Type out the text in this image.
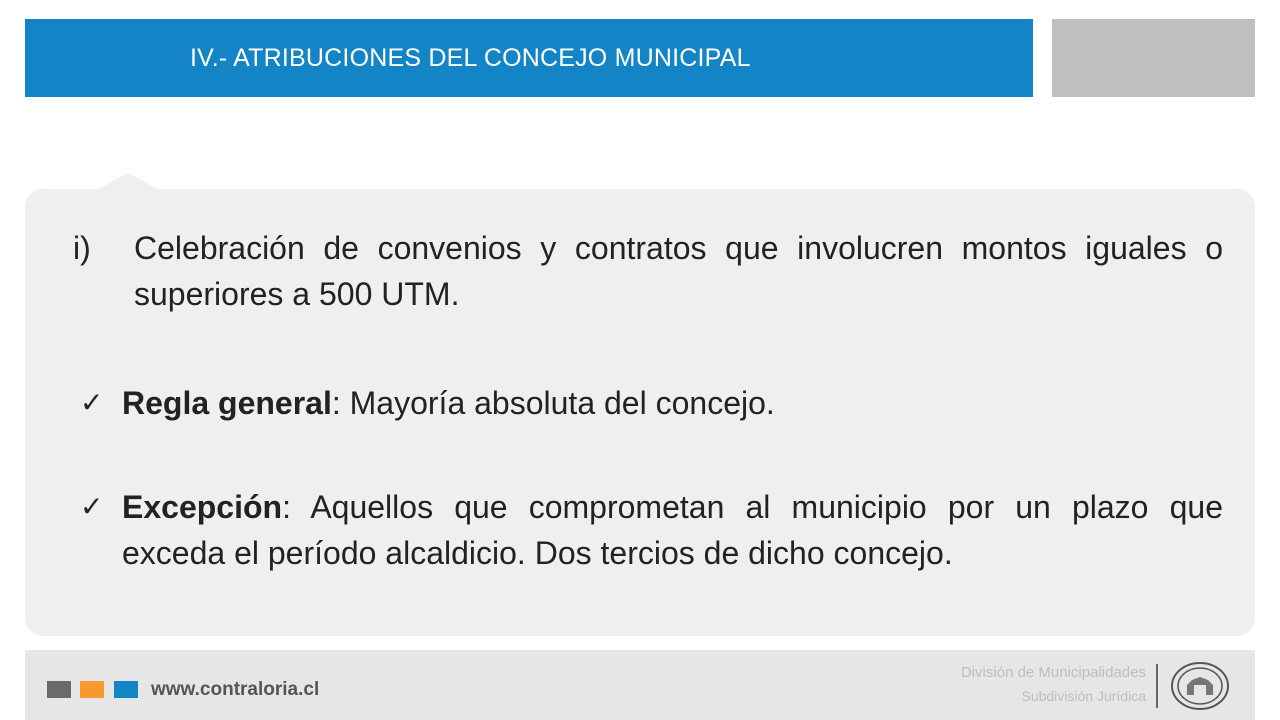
IV.- ATRIBUCIONES DEL CONCEJO MUNICIPAL
i) Celebración de convenios y contratos que involucren montos iguales o superiores a 500 UTM.
✓ Regla general: Mayoría absoluta del concejo.
✓ Excepción: Aquellos que comprometan al municipio por un plazo que exceda el período alcaldicio. Dos tercios de dicho concejo.
www.contraloria.cl
División de Municipalidades
Subdivisión Jurídica
